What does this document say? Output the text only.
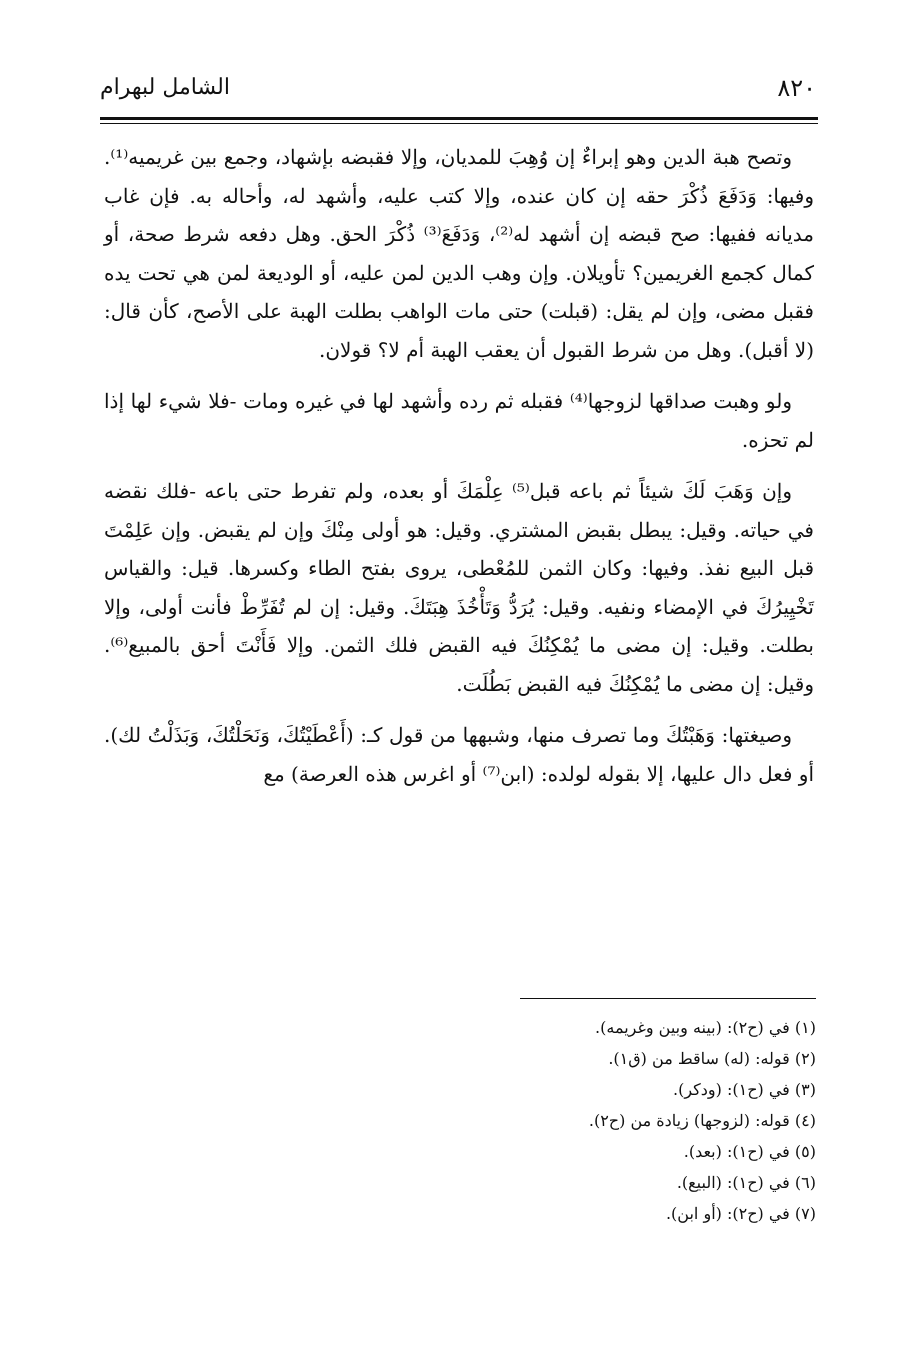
٨٢٠
الشامل لبهرام

وتصح هبة الدين وهو إبراءٌ إن وُهِبَ للمديان، وإلا فقبضه بإشهاد، وجمع بين غريميه⁽¹⁾. وفيها: وَدَفَعَ ذُكْرَ حقه إن كان عنده، وإلا كتب عليه، وأشهد له، وأحاله به. فإن غاب مديانه ففيها: صح قبضه إن أشهد له⁽²⁾، وَدَفَعَ⁽³⁾ ذُكْرَ الحق. وهل دفعه شرط صحة، أو كمال كجمع الغريمين؟ تأويلان. وإن وهب الدين لمن عليه، أو الوديعة لمن هي تحت يده فقبل مضى، وإن لم يقل: (قبلت) حتى مات الواهب بطلت الهبة على الأصح، كأن قال: (لا أقبل). وهل من شرط القبول أن يعقب الهبة أم لا؟ قولان.

ولو وهبت صداقها لزوجها⁽⁴⁾ فقبله ثم رده وأشهد لها في غيره ومات -فلا شيء لها إذا لم تحزه.

وإن وَهَبَ لَكَ شيئاً ثم باعه قبل⁽⁵⁾ عِلْمَكَ أو بعده، ولم تفرط حتى باعه -فلك نقضه في حياته. وقيل: يبطل بقبض المشتري. وقيل: هو أولى مِنْكَ وإن لم يقبض. وإن عَلِمْتَ قبل البيع نفذ. وفيها: وكان الثمن للمُعْطى، يروى بفتح الطاء وكسرها. قيل: والقياس تَخْيِيرُكَ في الإمضاء ونفيه. وقيل: يُرَدُّ وَتَأْخُذَ هِبَتَكَ. وقيل: إن لم تُفَرِّطْ فأنت أولى، وإلا بطلت. وقيل: إن مضى ما يُمْكِنُكَ فيه القبض فلك الثمن. وإلا فَأَنْتَ أحق بالمبيع⁽⁶⁾. وقيل: إن مضى ما يُمْكِنُكَ فيه القبض بَطُلَت.

وصيغتها: وَهَبْتُكَ وما تصرف منها، وشبهها من قول كـ: (أَعْطَيْتُكَ، وَنَحَلْتُكَ، وَبَذَلْتُ لك). أو فعل دال عليها، إلا بقوله لولده: (ابن⁽⁷⁾ أو اغرس هذه العرصة) مع

(١) في (ح٢): (بينه وبين وغريمه).
(٢) قوله: (له) ساقط من (ق١).
(٣) في (ح١): (ودكر).
(٤) قوله: (لزوجها) زيادة من (ح٢).
(٥) في (ح١): (بعد).
(٦) في (ح١): (البيع).
(٧) في (ح٢): (أو ابن).
